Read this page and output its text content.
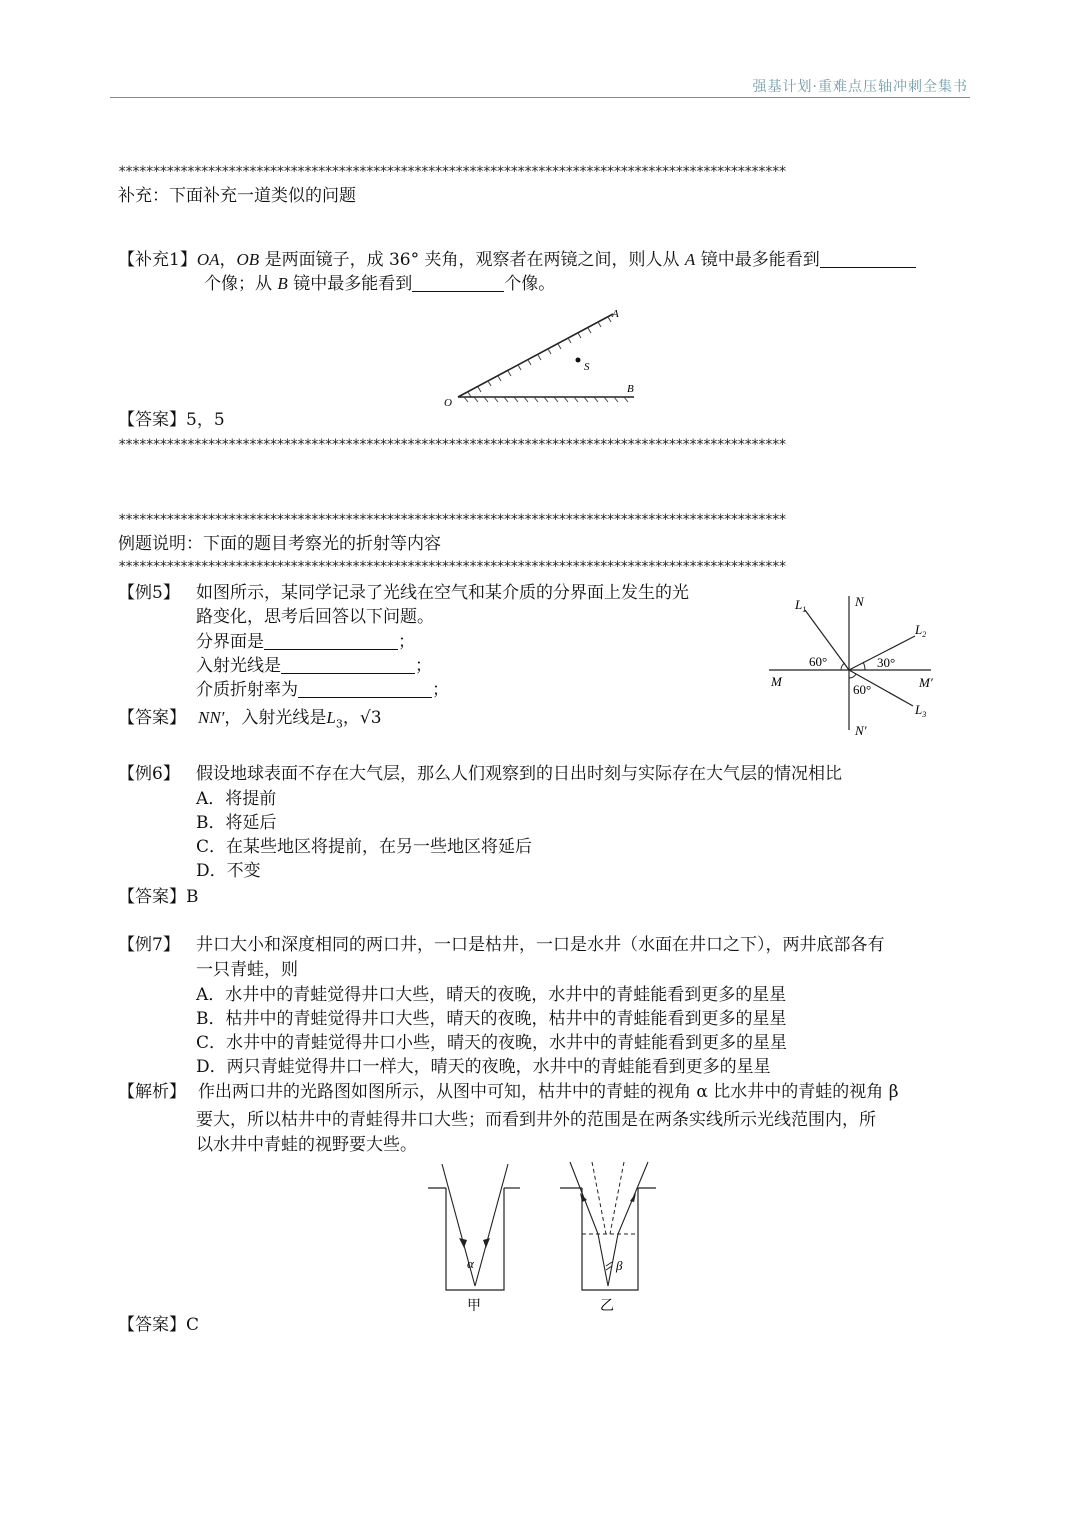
强基计划·重难点压轴冲刺全集书
*************************************************************************************************
补充：下面补充一道类似的问题
【补充1】OA，OB 是两面镜子，成 36° 夹角，观察者在两镜之间，则人从 A 镜中最多能看到
个像；从 B 镜中最多能看到	个像。
S
A
B
O
【答案】5，5
*************************************************************************************************
*************************************************************************************************
例题说明：下面的题目考察光的折射等内容
*************************************************************************************************
【例5】 如图所示，某同学记录了光线在空气和某介质的分界面上发生的光
路变化，思考后回答以下问题。
分界面是	；
入射光线是	；
介质折射率为	；
【答案】 NN′，入射光线是$L_3$，√3
$L_1$
N
$L_2$
60°	30°
M	M′
60°
$L_3$
N′
【例6】 假设地球表面不存在大气层，那么人们观察到的日出时刻与实际存在大气层的情况相比
A．将提前
B．将延后
C．在某些地区将提前，在另一些地区将延后
D．不变
【答案】B
【例7】 井口大小和深度相同的两口井，一口是枯井，一口是水井（水面在井口之下），两井底部各有
一只青蛙，则
A．水井中的青蛙觉得井口大些，晴天的夜晚，水井中的青蛙能看到更多的星星
B．枯井中的青蛙觉得井口大些，晴天的夜晚，枯井中的青蛙能看到更多的星星
C．水井中的青蛙觉得井口小些，晴天的夜晚，水井中的青蛙能看到更多的星星
D．两只青蛙觉得井口一样大，晴天的夜晚，水井中的青蛙能看到更多的星星
【解析】 作出两口井的光路图如图所示，从图中可知，枯井中的青蛙的视角 α 比水井中的青蛙的视角 β
要大，所以枯井中的青蛙得井口大些；而看到井外的范围是在两条实线所示光线范围内，所
以水井中青蛙的视野要大些。
α
甲
β
乙
【答案】C
